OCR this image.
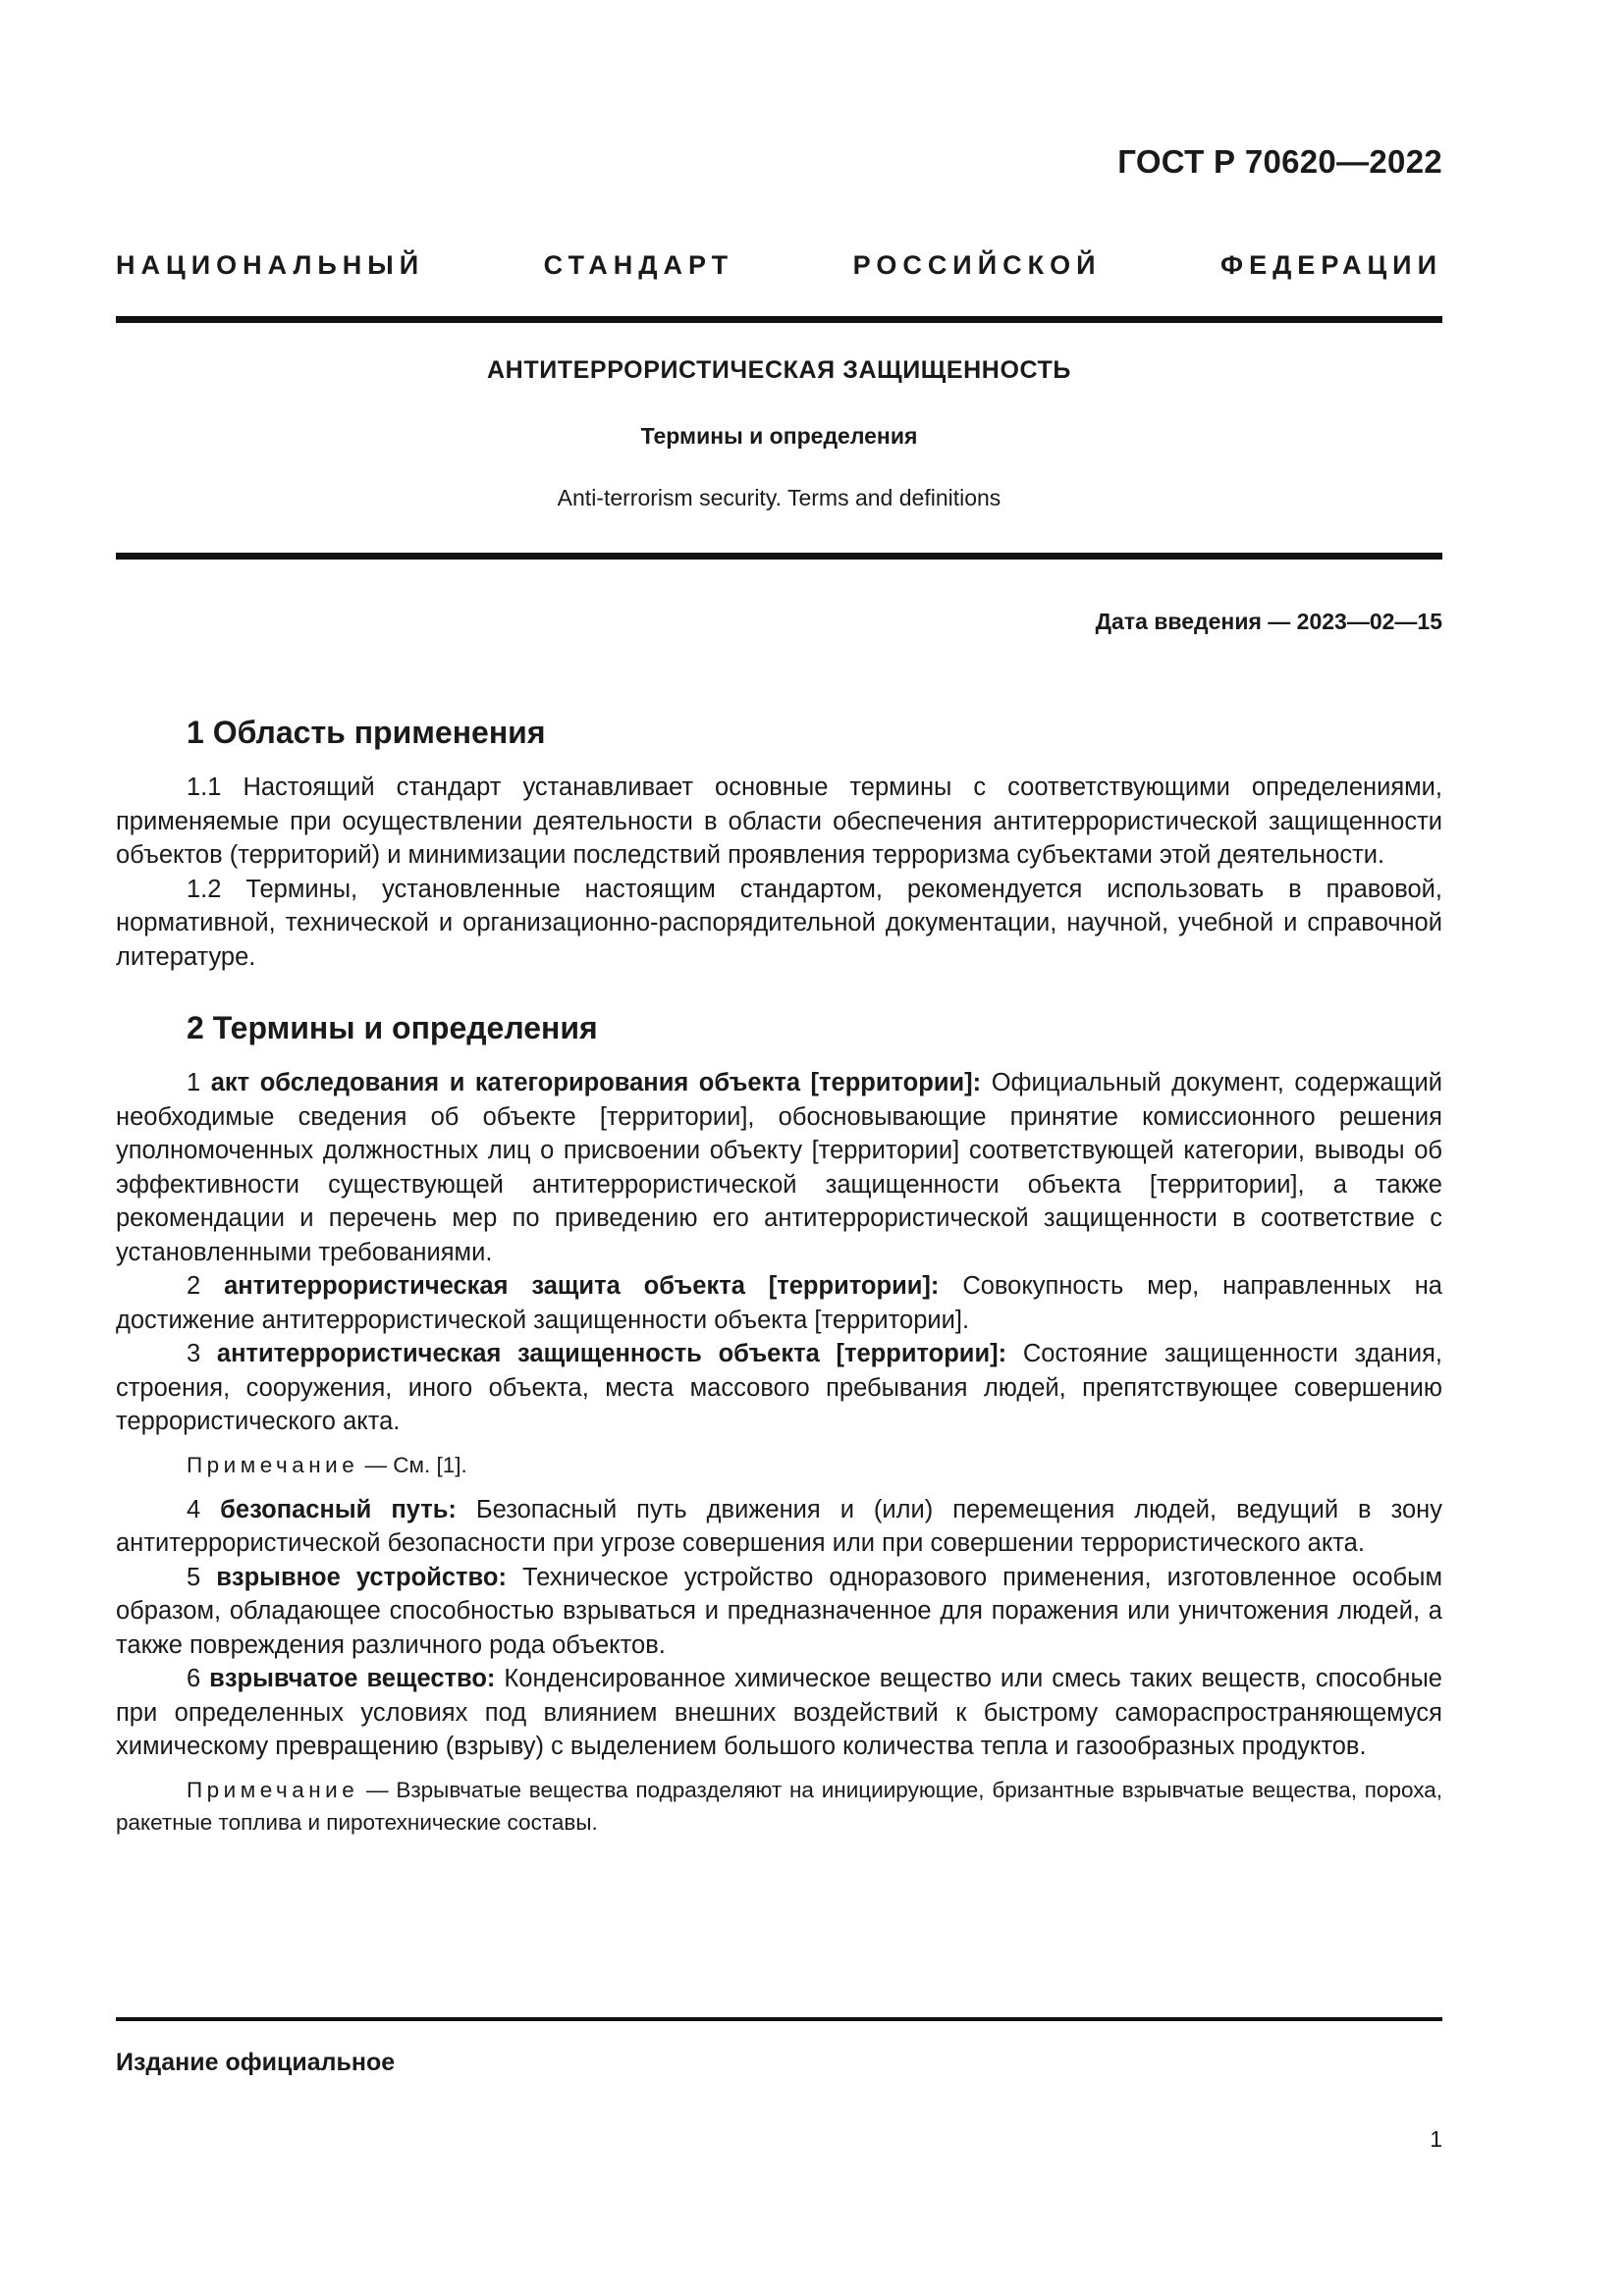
ГОСТ Р 70620—2022
НАЦИОНАЛЬНЫЙ СТАНДАРТ РОССИЙСКОЙ ФЕДЕРАЦИИ
АНТИТЕРРОРИСТИЧЕСКАЯ ЗАЩИЩЕННОСТЬ
Термины и определения
Anti-terrorism security. Terms and definitions
Дата введения — 2023—02—15
1 Область применения

1.1 Настоящий стандарт устанавливает основные термины с соответствующими определениями, применяемые при осуществлении деятельности в области обеспечения антитеррористической защищенности объектов (территорий) и минимизации последствий проявления терроризма субъектами этой деятельности.

1.2 Термины, установленные настоящим стандартом, рекомендуется использовать в правовой, нормативной, технической и организационно-распорядительной документации, научной, учебной и справочной литературе.

2 Термины и определения

1 акт обследования и категорирования объекта [территории]: Официальный документ, содержащий необходимые сведения об объекте [территории], обосновывающие принятие комиссионного решения уполномоченных должностных лиц о присвоении объекту [территории] соответствующей категории, выводы об эффективности существующей антитеррористической защищенности объекта [территории], а также рекомендации и перечень мер по приведению его антитеррористической защищенности в соответствие с установленными требованиями.

2 антитеррористическая защита объекта [территории]: Совокупность мер, направленных на достижение антитеррористической защищенности объекта [территории].

3 антитеррористическая защищенность объекта [территории]: Состояние защищенности здания, строения, сооружения, иного объекта, места массового пребывания людей, препятствующее совершению террористического акта.

Примечание — См. [1].

4 безопасный путь: Безопасный путь движения и (или) перемещения людей, ведущий в зону антитеррористической безопасности при угрозе совершения или при совершении террористического акта.

5 взрывное устройство: Техническое устройство одноразового применения, изготовленное особым образом, обладающее способностью взрываться и предназначенное для поражения или уничтожения людей, а также повреждения различного рода объектов.

6 взрывчатое вещество: Конденсированное химическое вещество или смесь таких веществ, способные при определенных условиях под влиянием внешних воздействий к быстрому самораспространяющемуся химическому превращению (взрыву) с выделением большого количества тепла и газообразных продуктов.

Примечание — Взрывчатые вещества подразделяют на инициирующие, бризантные взрывчатые вещества, пороха, ракетные топлива и пиротехнические составы.

Издание официальное
1
